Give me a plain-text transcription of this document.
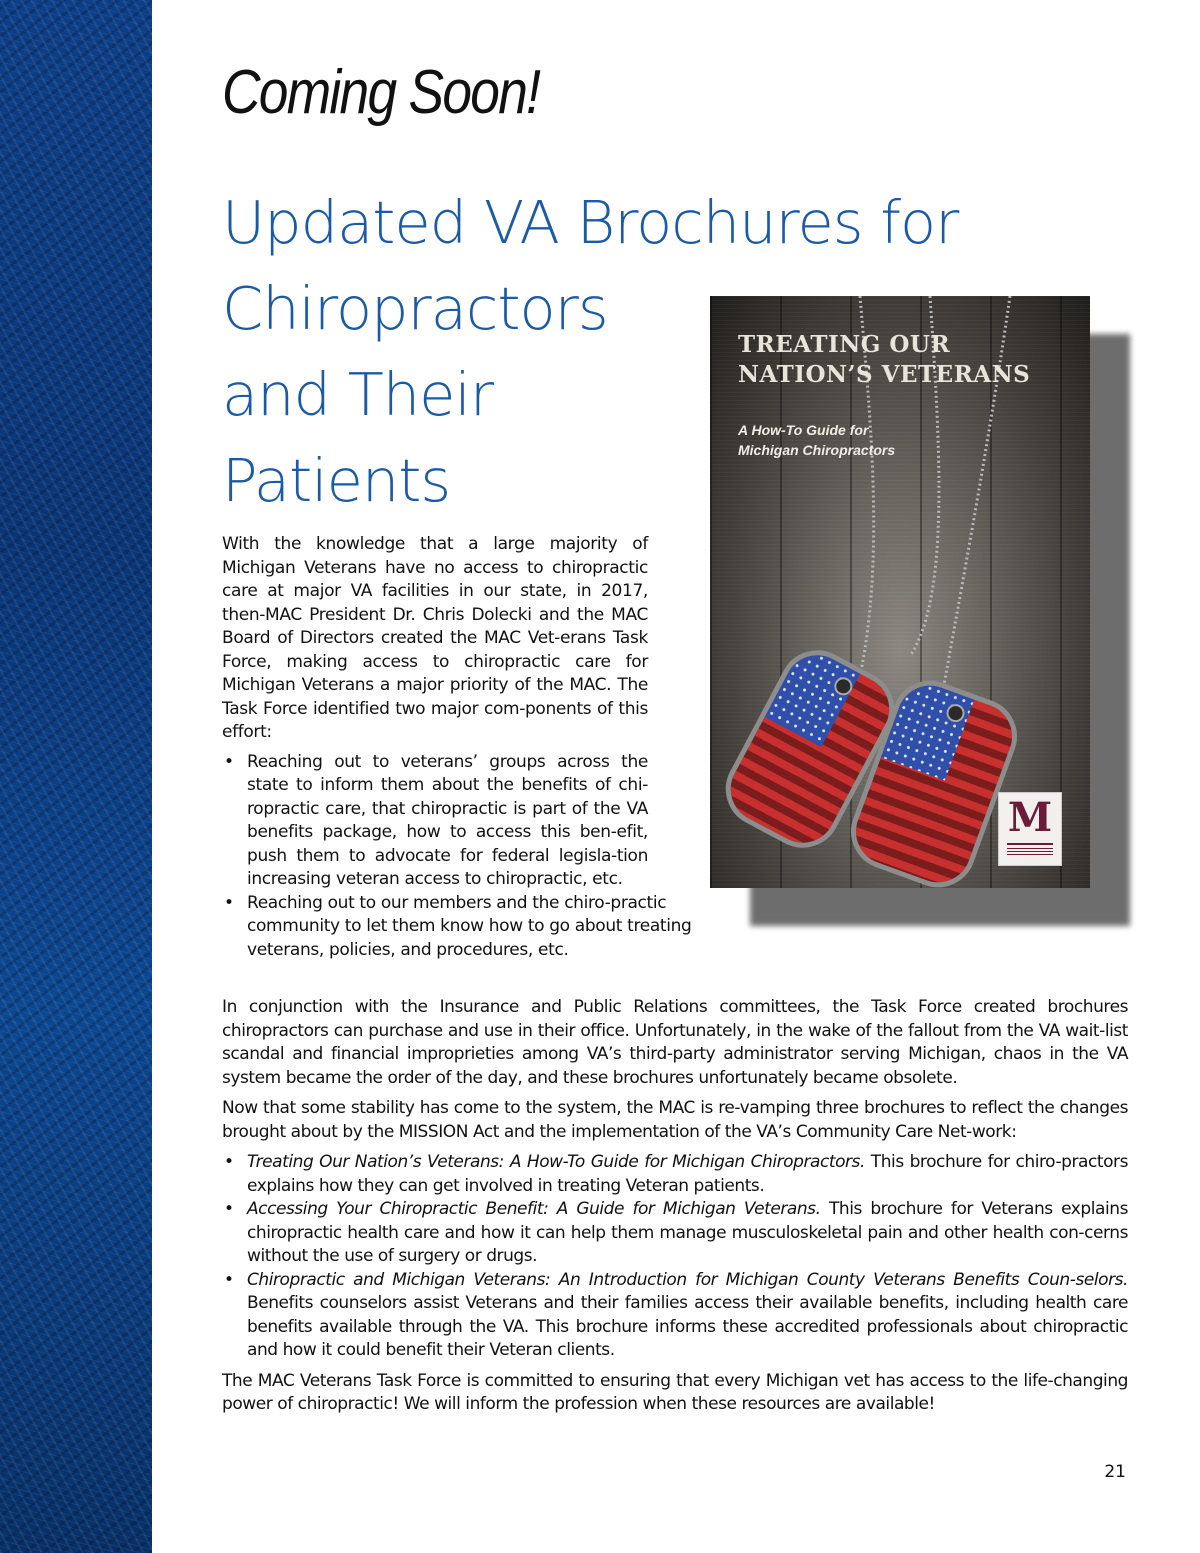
Coming Soon!
Updated VA Brochures for
Chiropractors
and Their
Patients

TREATING OUR
NATION’S VETERANS

A How-To Guide for
Michigan Chiropractors

M

With the knowledge that a large majority of Michigan Veterans have no access to chiropractic care at major VA facilities in our state, in 2017, then-MAC President Dr. Chris Dolecki and the MAC Board of Directors created the MAC Vet-erans Task Force, making access to chiropractic care for Michigan Veterans a major priority of the MAC. The Task Force identified two major com-ponents of this effort:

• Reaching out to veterans’ groups across the state to inform them about the benefits of chi-ropractic care, that chiropractic is part of the VA benefits package, how to access this ben-efit, push them to advocate for federal legisla-tion increasing veteran access to chiropractic, etc.
• Reaching out to our members and the chiro-practic community to let them know how to go about treating veterans, policies, and procedures, etc.

In conjunction with the Insurance and Public Relations committees, the Task Force created brochures chiropractors can purchase and use in their office. Unfortunately, in the wake of the fallout from the VA wait-list scandal and financial improprieties among VA’s third-party administrator serving Michigan, chaos in the VA system became the order of the day, and these brochures unfortunately became obsolete.

Now that some stability has come to the system, the MAC is re-vamping three brochures to reflect the changes brought about by the MISSION Act and the implementation of the VA’s Community Care Net-work:

• Treating Our Nation’s Veterans: A How-To Guide for Michigan Chiropractors. This brochure for chiro-practors explains how they can get involved in treating Veteran patients.
• Accessing Your Chiropractic Benefit: A Guide for Michigan Veterans. This brochure for Veterans explains chiropractic health care and how it can help them manage musculoskeletal pain and other health con-cerns without the use of surgery or drugs.
• Chiropractic and Michigan Veterans: An Introduction for Michigan County Veterans Benefits Coun-selors. Benefits counselors assist Veterans and their families access their available benefits, including health care benefits available through the VA. This brochure informs these accredited professionals about chiropractic and how it could benefit their Veteran clients.

The MAC Veterans Task Force is committed to ensuring that every Michigan vet has access to the life-changing power of chiropractic! We will inform the profession when these resources are available!

21
